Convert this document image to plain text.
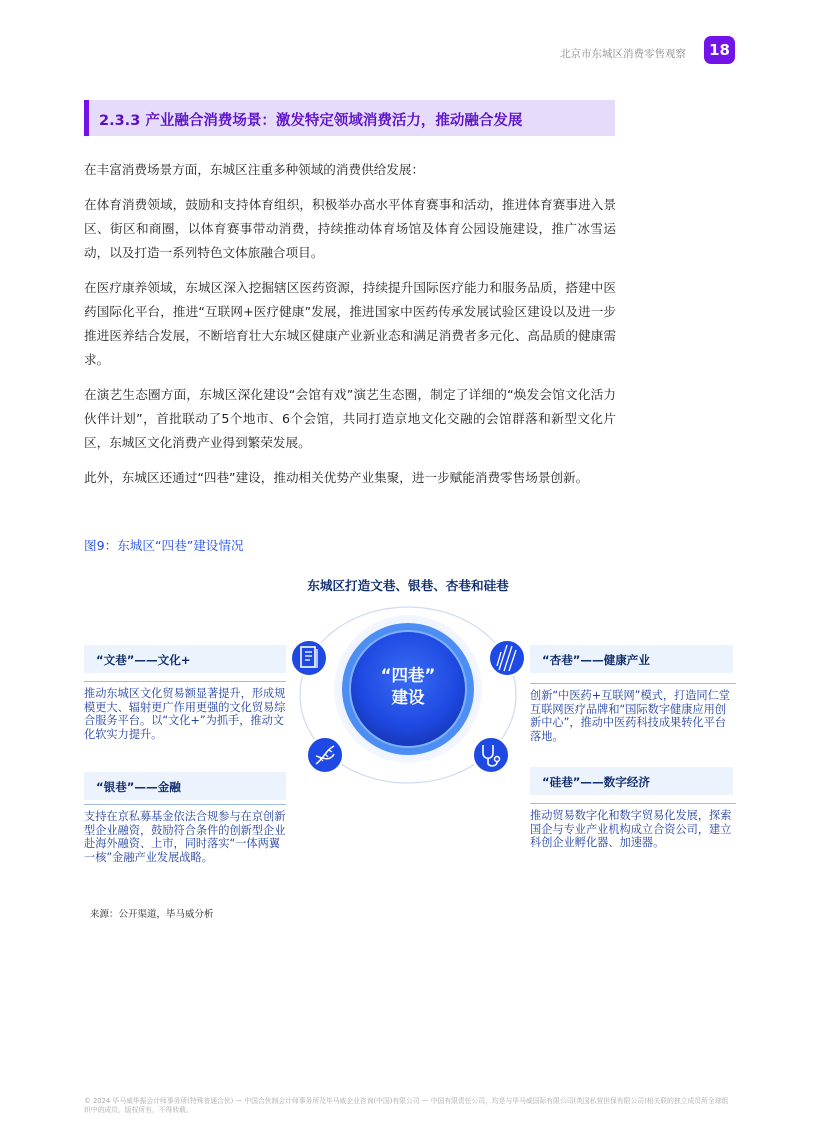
北京市东城区消费零售观察	18
2.3.3 产业融合消费场景：激发特定领域消费活力，推动融合发展

在丰富消费场景方面，东城区注重多种领域的消费供给发展：

在体育消费领域，鼓励和支持体育组织，积极举办高水平体育赛事和活动，推进体育赛事进入景区、街区和商圈，以体育赛事带动消费，持续推动体育场馆及体育公园设施建设，推广冰雪运动，以及打造一系列特色文体旅融合项目。

在医疗康养领域，东城区深入挖掘辖区医药资源，持续提升国际医疗能力和服务品质，搭建中医药国际化平台，推进“互联网+医疗健康”发展，推进国家中医药传承发展试验区建设以及进一步推进医养结合发展，不断培育壮大东城区健康产业新业态和满足消费者多元化、高品质的健康需求。

在演艺生态圈方面，东城区深化建设“会馆有戏”演艺生态圈，制定了详细的“焕发会馆文化活力伙伴计划”，首批联动了5个地市、6个会馆，共同打造京地文化交融的会馆群落和新型文化片区，东城区文化消费产业得到繁荣发展。

此外，东城区还通过“四巷”建设，推动相关优势产业集聚，进一步赋能消费零售场景创新。

图9：东城区“四巷”建设情况
东城区打造文巷、银巷、杏巷和硅巷
“四巷”
建设
“文巷”——文化+

推动东城区文化贸易额显著提升，形成规模更大、辐射更广作用更强的文化贸易综合服务平台。以“文化+”为抓手，推动文化软实力提升。

“银巷”——金融

支持在京私募基金依法合规参与在京创新型企业融资，鼓励符合条件的创新型企业赴海外融资、上市，同时落实“一体两翼一核”金融产业发展战略。

“杏巷”——健康产业

创新“中医药+互联网”模式，打造同仁堂互联网医疗品牌和“国际数字健康应用创新中心”，推动中医药科技成果转化平台落地。

“硅巷”——数字经济

推动贸易数字化和数字贸易化发展，探索国企与专业产业机构成立合资公司，建立科创企业孵化器、加速器。

来源：公开渠道，毕马威分析
© 2024 毕马威华振会计师事务所(特殊普通合伙) — 中国合伙制会计师事务所及毕马威企业咨询(中国)有限公司 — 中国有限责任公司，均是与毕马威国际有限公司(英国私营担保有限公司)相关联的独立成员所全球组织中的成员。版权所有，不得转载。
